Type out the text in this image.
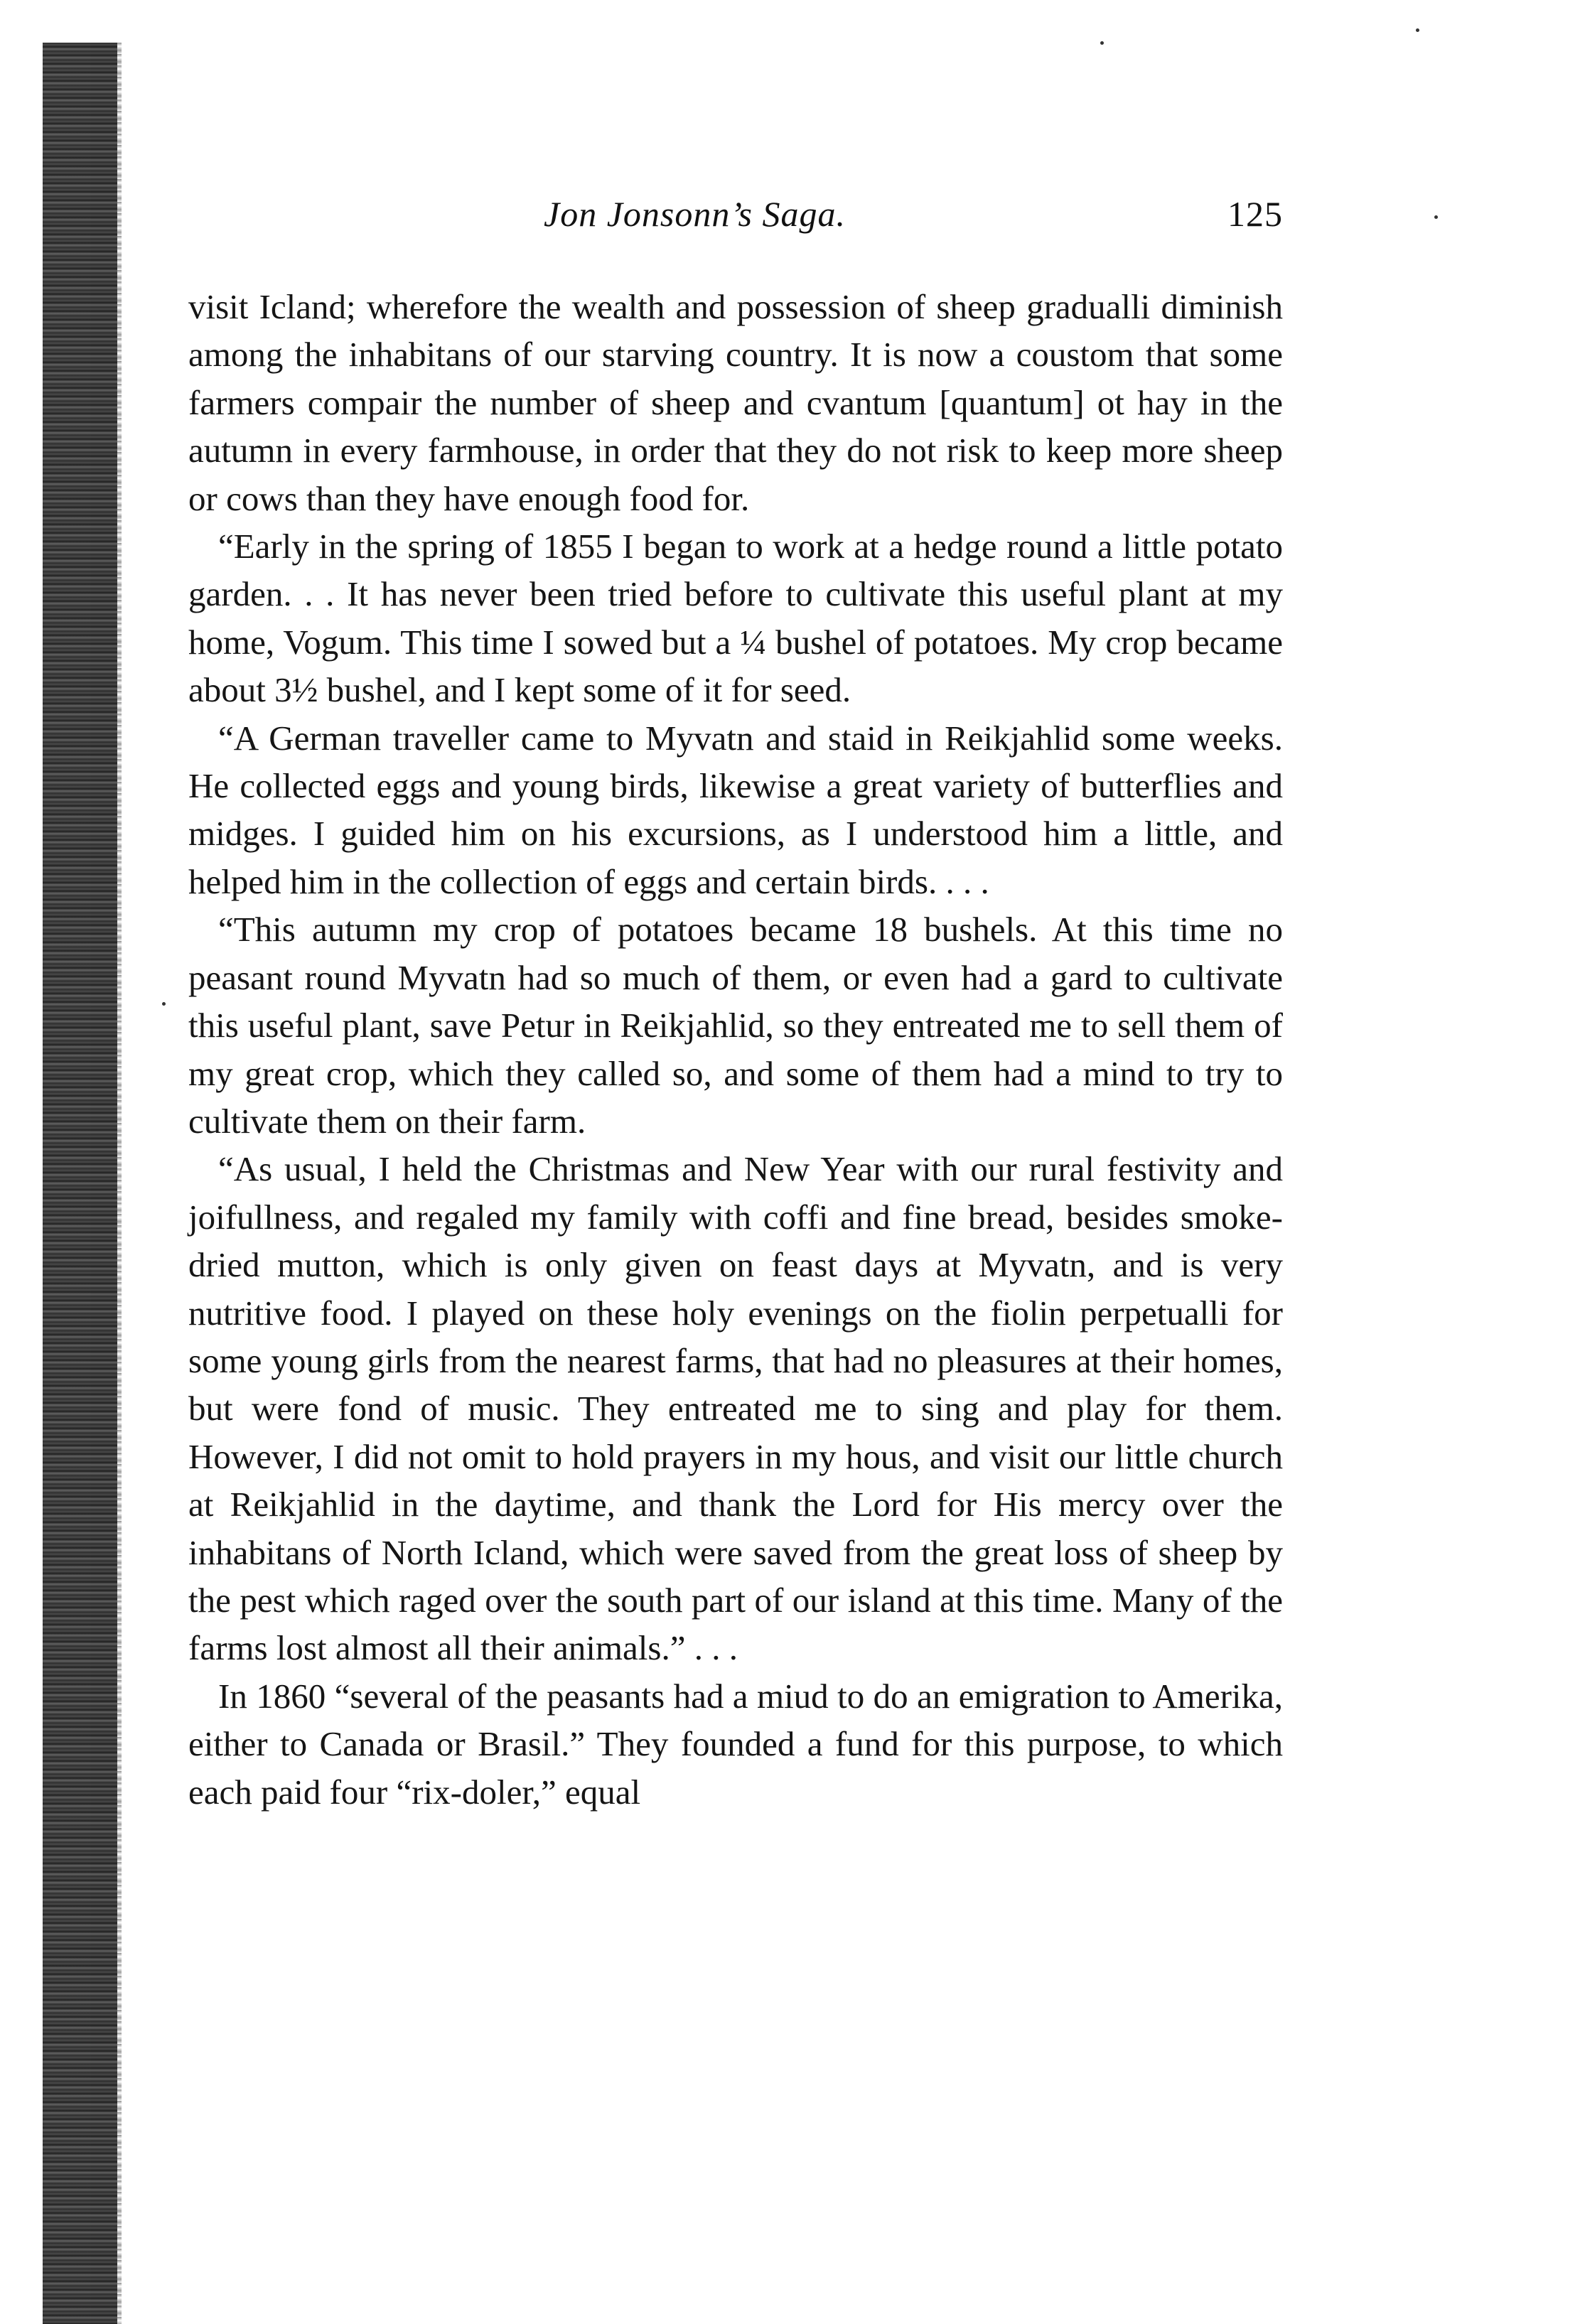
Jon Jonsonn’s Saga.	125

visit Icland; wherefore the wealth and possession of sheep gradualli diminish among the inhabitans of our starving country. It is now a coustom that some farmers compair the number of sheep and cvantum [quantum] ot hay in the autumn in every farmhouse, in order that they do not risk to keep more sheep or cows than they have enough food for.

“Early in the spring of 1855 I began to work at a hedge round a little potato garden. . . It has never been tried before to cultivate this useful plant at my home, Vogum. This time I sowed but a ¼ bushel of potatoes. My crop became about 3½ bushel, and I kept some of it for seed.

“A German traveller came to Myvatn and staid in Reikjahlid some weeks. He collected eggs and young birds, likewise a great variety of butterflies and midges. I guided him on his excursions, as I understood him a little, and helped him in the collection of eggs and certain birds. . . .

“This autumn my crop of potatoes became 18 bushels. At this time no peasant round Myvatn had so much of them, or even had a gard to cultivate this useful plant, save Petur in Reikjahlid, so they entreated me to sell them of my great crop, which they called so, and some of them had a mind to try to cultivate them on their farm.

“As usual, I held the Christmas and New Year with our rural festivity and joifullness, and regaled my family with coffi and fine bread, besides smoke-dried mutton, which is only given on feast days at Myvatn, and is very nutritive food. I played on these holy evenings on the fiolin perpetualli for some young girls from the nearest farms, that had no pleasures at their homes, but were fond of music. They entreated me to sing and play for them. However, I did not omit to hold prayers in my hous, and visit our little church at Reikjahlid in the daytime, and thank the Lord for His mercy over the inhabitans of North Icland, which were saved from the great loss of sheep by the pest which raged over the south part of our island at this time. Many of the farms lost almost all their animals.” . . .

In 1860 “several of the peasants had a miud to do an emigration to Amerika, either to Canada or Brasil.” They founded a fund for this purpose, to which each paid four “rix-doler,” equal
